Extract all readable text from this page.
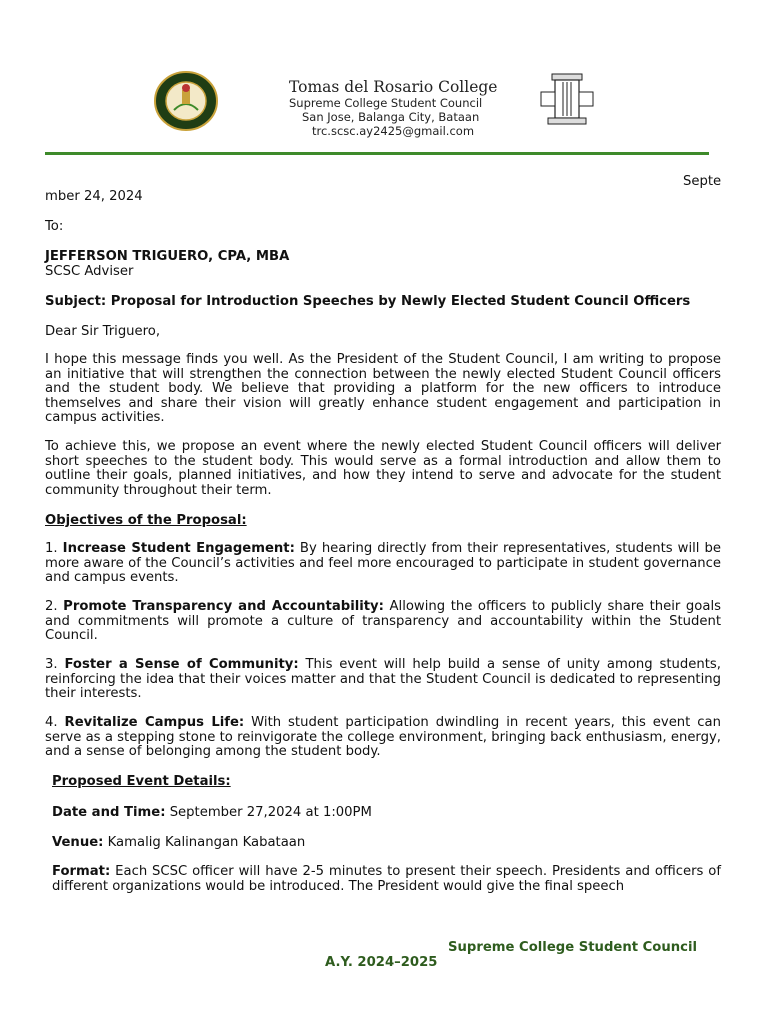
Tomas del Rosario College
Supreme College Student Council
San Jose, Balanga City, Bataan
trc.scsc.ay2425@gmail.com
Septe
mber 24, 2024
To:
JEFFERSON TRIGUERO, CPA, MBA
SCSC Adviser
Subject: Proposal for Introduction Speeches by Newly Elected Student Council Officers
Dear Sir Triguero,

I hope this message finds you well. As the President of the Student Council, I am writing to propose an initiative that will strengthen the connection between the newly elected Student Council officers and the student body. We believe that providing a platform for the new officers to introduce themselves and share their vision will greatly enhance student engagement and participation in campus activities.

To achieve this, we propose an event where the newly elected Student Council officers will deliver short speeches to the student body. This would serve as a formal introduction and allow them to outline their goals, planned initiatives, and how they intend to serve and advocate for the student community throughout their term.

Objectives of the Proposal:

1. Increase Student Engagement: By hearing directly from their representatives, students will be more aware of the Council’s activities and feel more encouraged to participate in student governance and campus events.

2. Promote Transparency and Accountability: Allowing the officers to publicly share their goals and commitments will promote a culture of transparency and accountability within the Student Council.

3. Foster a Sense of Community: This event will help build a sense of unity among students, reinforcing the idea that their voices matter and that the Student Council is dedicated to representing their interests.

4. Revitalize Campus Life: With student participation dwindling in recent years, this event can serve as a stepping stone to reinvigorate the college environment, bringing back enthusiasm, energy, and a sense of belonging among the student body.

Proposed Event Details:
Date and Time: September 27,2024 at 1:00PM
Venue: Kamalig Kalinangan Kabataan

Format: Each SCSC officer will have 2-5 minutes to present their speech. Presidents and officers of different organizations would be introduced. The President would give the final speech

Supreme College Student Council
A.Y. 2024–2025
